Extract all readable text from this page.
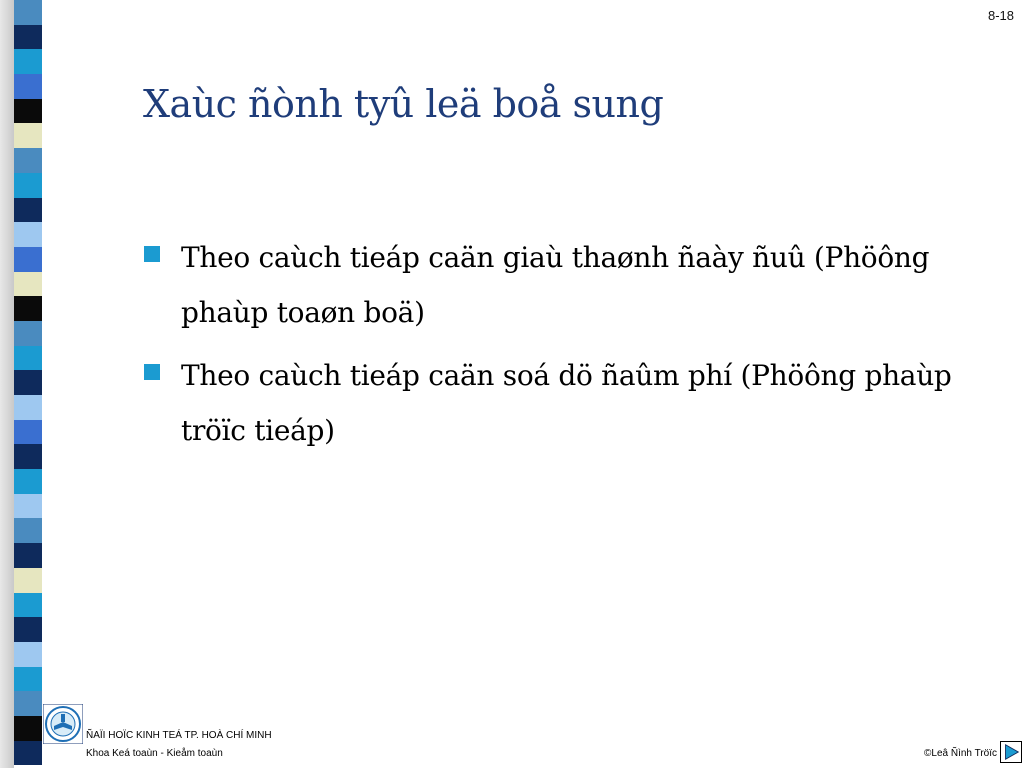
8-18
Xaùc ñònh tyû leä boå sung
Theo caùch tieáp caän giaù thaønh ñaày ñuû (Phöông phaùp toaøn boä)
Theo caùch tieáp caän soá dö ñaûm phí (Phöông phaùp tröïc tieáp)
ÑAÏI HOÏC KINH TEÁ TP. HOÀ CHÍ MINH
Khoa Keá toaùn - Kieåm toaùn	©Leâ Ñình Tröïc
